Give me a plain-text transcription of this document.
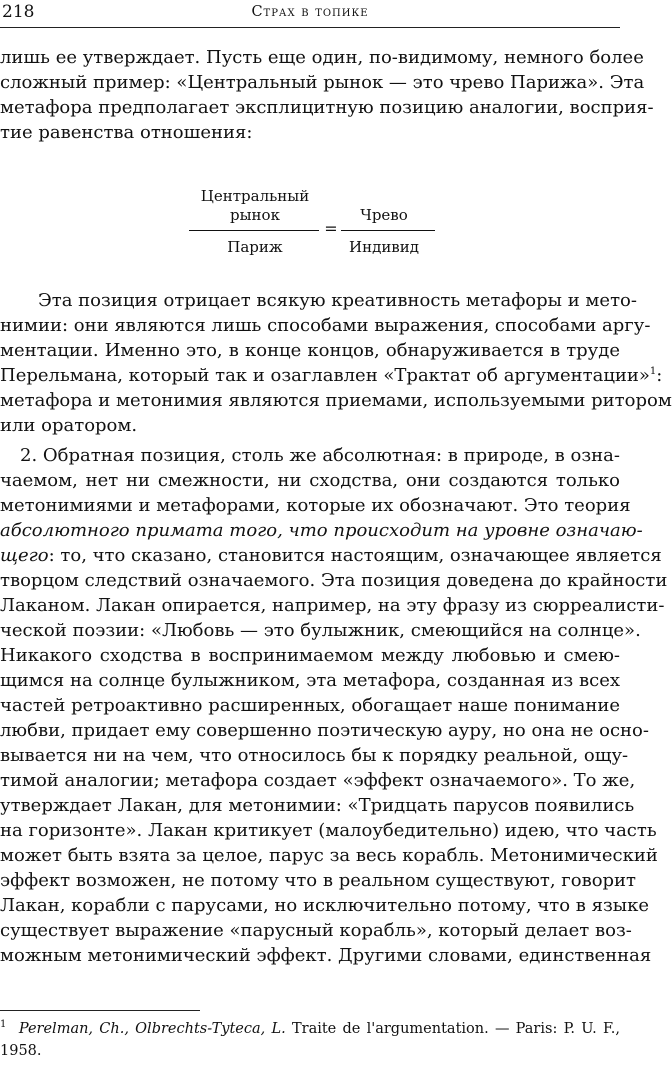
218	Страх в топике
лишь ее утверждает. Пусть еще один, по-видимому, немного более
сложный пример: «Центральный рынок — это чрево Парижа». Эта
метафора предполагает эксплицитную позицию аналогии, восприя-
тие равенства отношения:
Центральный
рынок
Париж
=
Чрево
Индивид
Эта позиция отрицает всякую креативность метафоры и мето-
нимии: они являются лишь способами выражения, способами аргу-
ментации. Именно это, в конце концов, обнаруживается в труде
Перельмана, который так и озаглавлен «Трактат об аргументации»$^1$:
метафора и метонимия являются приемами, используемыми ритором
или оратором.
2. Обратная позиция, столь же абсолютная: в природе, в озна-
чаемом, нет ни смежности, ни сходства, они создаются только
метонимиями и метафорами, которые их обозначают. Это теория
абсолютного примата того, что происходит на уровне означаю-
щего: то, что сказано, становится настоящим, означающее является
творцом следствий означаемого. Эта позиция доведена до крайности
Лаканом. Лакан опирается, например, на эту фразу из сюрреалисти-
ческой поэзии: «Любовь — это булыжник, смеющийся на солнце».
Никакого сходства в воспринимаемом между любовью и смею-
щимся на солнце булыжником, эта метафора, созданная из всех
частей ретроактивно расширенных, обогащает наше понимание
любви, придает ему совершенно поэтическую ауру, но она не осно-
вывается ни на чем, что относилось бы к порядку реальной, ощу-
тимой аналогии; метафора создает «эффект означаемого». То же,
утверждает Лакан, для метонимии: «Тридцать парусов появились
на горизонте». Лакан критикует (малоубедительно) идею, что часть
может быть взята за целое, парус за весь корабль. Метонимический
эффект возможен, не потому что в реальном существуют, говорит
Лакан, корабли с парусами, но исключительно потому, что в языке
существует выражение «парусный корабль», который делает воз-
можным метонимический эффект. Другими словами, единственная
$^1$ Perelman, Ch., Olbrechts-Tyteca, L. Traite de l'argumentation. — Paris: P. U. F.,
1958.
